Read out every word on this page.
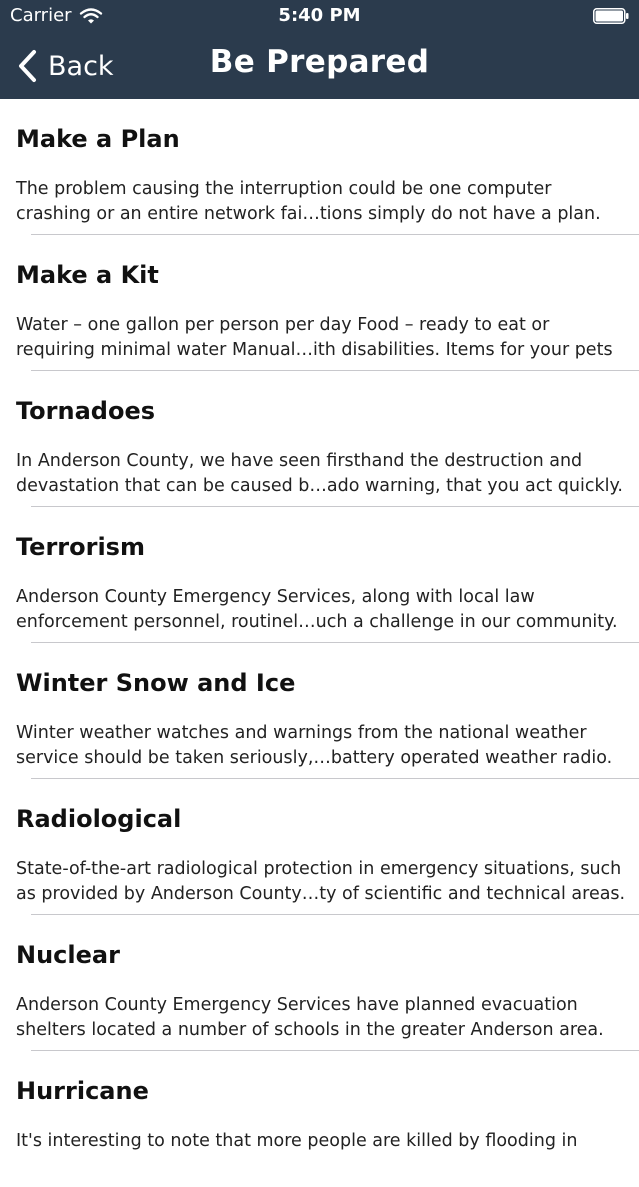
Carrier	5:40 PM
Back	Be Prepared
Make a Plan
The problem causing the interruption could be one computer
crashing or an entire network fai…tions simply do not have a plan.
Make a Kit
Water – one gallon per person per day Food – ready to eat or
requiring minimal water Manual…ith disabilities. Items for your pets
Tornadoes
In Anderson County, we have seen firsthand the destruction and
devastation that can be caused b…ado warning, that you act quickly.
Terrorism
Anderson County Emergency Services, along with local law
enforcement personnel, routinel…uch a challenge in our community.
Winter Snow and Ice
Winter weather watches and warnings from the national weather
service should be taken seriously,…battery operated weather radio.
Radiological
State-of-the-art radiological protection in emergency situations, such
as provided by Anderson County…ty of scientific and technical areas.
Nuclear
Anderson County Emergency Services have planned evacuation
shelters located a number of schools in the greater Anderson area.
Hurricane
It's interesting to note that more people are killed by flooding in
